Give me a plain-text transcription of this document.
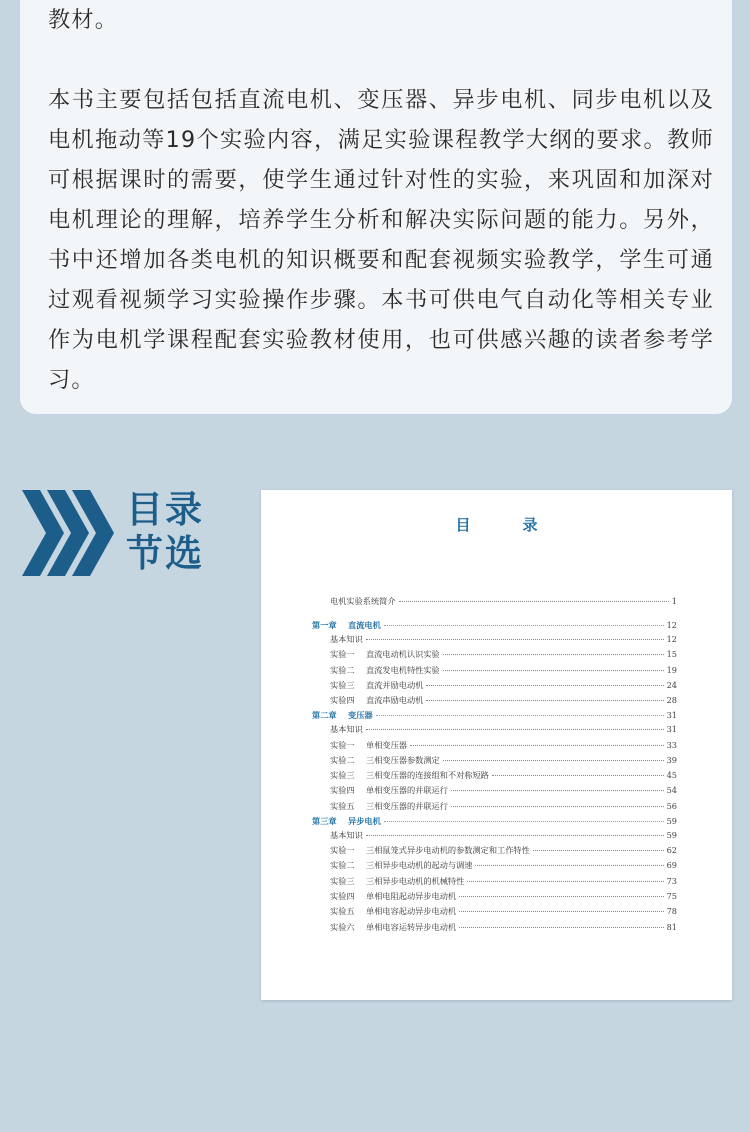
教材。

本书主要包括包括直流电机、变压器、异步电机、同步电机以及电机拖动等19个实验内容，满足实验课程教学大纲的要求。教师可根据课时的需要，使学生通过针对性的实验，来巩固和加深对电机理论的理解，培养学生分析和解决实际问题的能力。另外，书中还增加各类电机的知识概要和配套视频实验教学，学生可通过观看视频学习实验操作步骤。本书可供电气自动化等相关专业作为电机学课程配套实验教材使用，也可供感兴趣的读者参考学习。

目录
节选
目录
电机实验系统简介	1
第一章	直流电机	12
基本知识	12
实验一	直流电动机认识实验	15
实验二	直流发电机特性实验	19
实验三	直流并励电动机	24
实验四	直流串励电动机	28
第二章	变压器	31
基本知识	31
实验一	单相变压器	33
实验二	三相变压器参数测定	39
实验三	三相变压器的连接组和不对称短路	45
实验四	单相变压器的并联运行	54
实验五	三相变压器的并联运行	56
第三章	异步电机	59
基本知识	59
实验一	三相鼠笼式异步电动机的参数测定和工作特性	62
实验二	三相异步电动机的起动与调速	69
实验三	三相异步电动机的机械特性	73
实验四	单相电阻起动异步电动机	75
实验五	单相电容起动异步电动机	78
实验六	单相电容运转异步电动机	81
